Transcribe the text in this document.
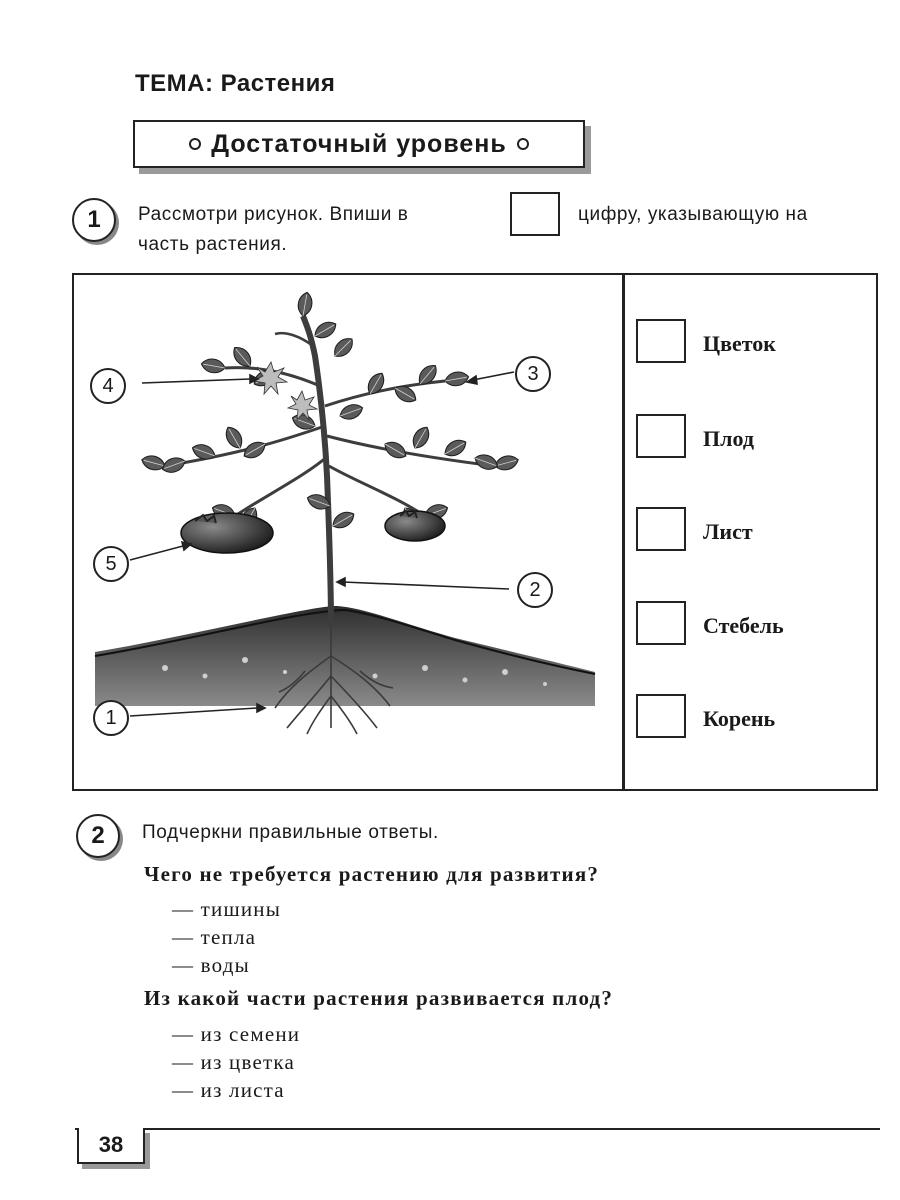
ТЕМА: Растения
Достаточный уровень
1	Рассмотри рисунок. Впиши в	цифру, указывающую на
часть растения.
4
3
5
2
1
Цветок
Плод
Лист
Стебель
Корень
2	Подчеркни правильные ответы.
Чего не требуется растению для развития?
— тишины
— тепла
— воды
Из какой части растения развивается плод?
— из семени
— из цветка
— из листа
38
